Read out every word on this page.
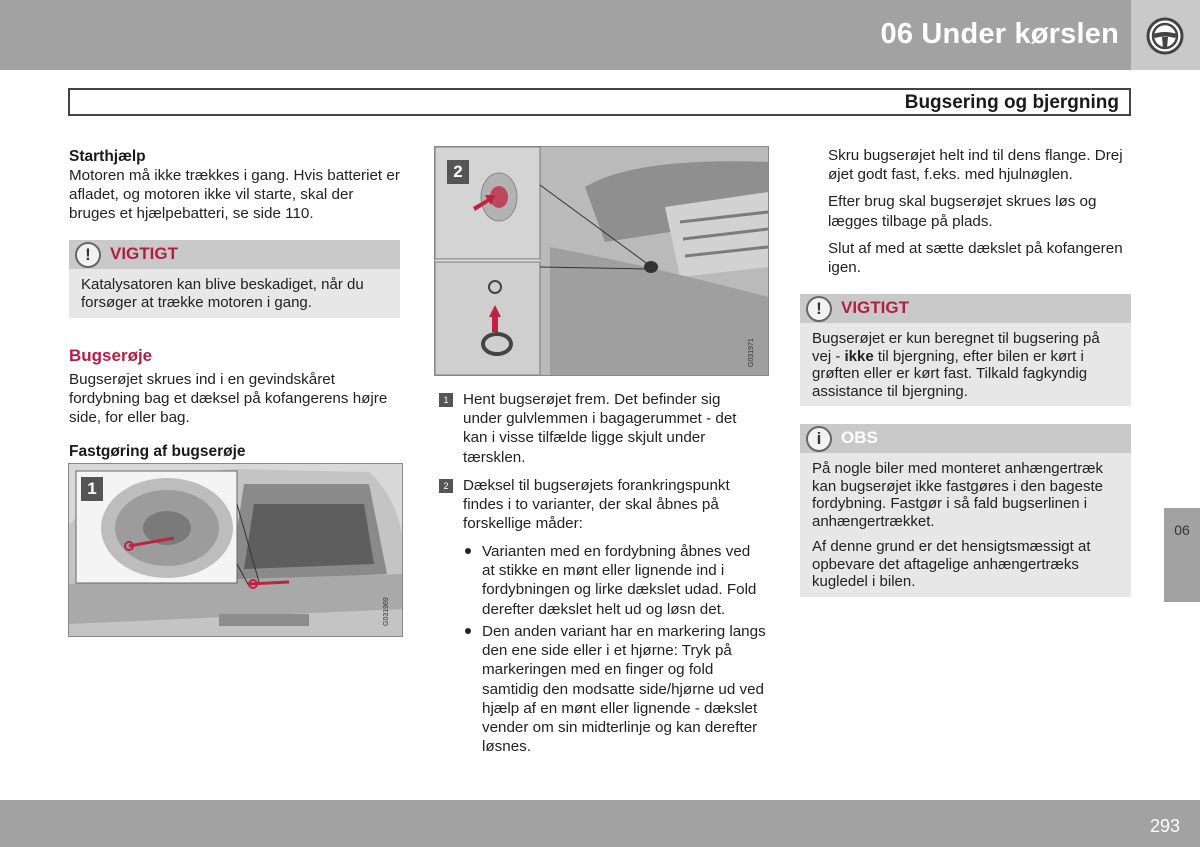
06 Under kørslen
Bugsering og bjergning
Starthjælp
Motoren må ikke trækkes i gang. Hvis batteriet er afladet, og motoren ikke vil starte, skal der bruges et hjælpebatteri, se side 110.
!	VIGTIGT
Katalysatoren kan blive beskadiget, når du forsøger at trække motoren i gang.
Bugserøje
Bugserøjet skrues ind i en gevindskåret fordybning bag et dæksel på kofangerens højre side, for eller bag.
Fastgøring af bugserøje
1
G031969
2
G031971
1 Hent bugserøjet frem. Det befinder sig under gulvlemmen i bagagerummet - det kan i visse tilfælde ligge skjult under tærsklen.
2 Dæksel til bugserøjets forankringspunkt findes i to varianter, der skal åbnes på forskellige måder:
Varianten med en fordybning åbnes ved at stikke en mønt eller lignende ind i fordybningen og lirke dækslet udad. Fold derefter dækslet helt ud og løsn det.
Den anden variant har en markering langs den ene side eller i et hjørne: Tryk på markeringen med en finger og fold samtidig den modsatte side/hjørne ud ved hjælp af en mønt eller lignende - dækslet vender om sin midterlinje og kan derefter løsnes.

Skru bugserøjet helt ind til dens flange. Drej øjet godt fast, f.eks. med hjulnøglen.

Efter brug skal bugserøjet skrues løs og lægges tilbage på plads.

Slut af med at sætte dækslet på kofangeren igen.

!	VIGTIGT
Bugserøjet er kun beregnet til bugsering på vej - ikke til bjergning, efter bilen er kørt i grøften eller er kørt fast. Tilkald fagkyndig assistance til bjergning.
i	OBS
På nogle biler med monteret anhængertræk kan bugserøjet ikke fastgøres i den bageste fordybning. Fastgør i så fald bugserlinen i anhængertrækket.
Af denne grund er det hensigtsmæssigt at opbevare det aftagelige anhængertræks kugledel i bilen.
06
293
